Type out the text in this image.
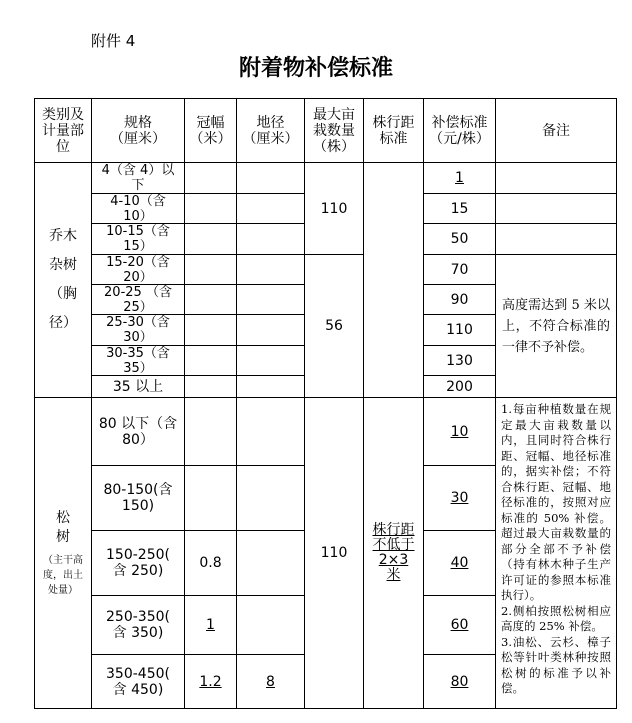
附件 4
附着物补偿标准
类别及
计量部
位
规格
（厘米）
冠幅
（米）
地径
（厘米）
最大亩
栽数量
（株）
株行距
标准
补偿标准
（元/株）	备注
乔木
杂树
（胸
径）
4（含 4）以
下
4-10（含
10）
10-15（含
15）
15-20（含
20）
20-25 （含
25）
25-30（含
30）
30-35（含
35）
35 以上
110
56
1
15
50
70
90
110
130
200
高度需达到 5 米以上，不符合标准的一律不予补偿。
松
树
（主干高
度，出土
处量）
80 以下（含
80）
80-150(含
150)
150-250(
含 250)
250-350(
含 350)
350-450(
含 450)
0.8
1
1.2	8
110
株行距
不低于
2×3
米
10
30
40
60
80
1.每亩种植数量在规定最大亩栽数量以内，且同时符合株行距、冠幅、地径标准的，据实补偿；不符合株行距、冠幅、地径标准的，按照对应标准的 50% 补偿。超过最大亩栽数量的部分全部不予补偿（持有林木种子生产许可证的参照本标准执行）。
2.侧柏按照松树相应高度的 25% 补偿。
3.油松、云杉、樟子松等针叶类林种按照松树的标准予以补偿。
